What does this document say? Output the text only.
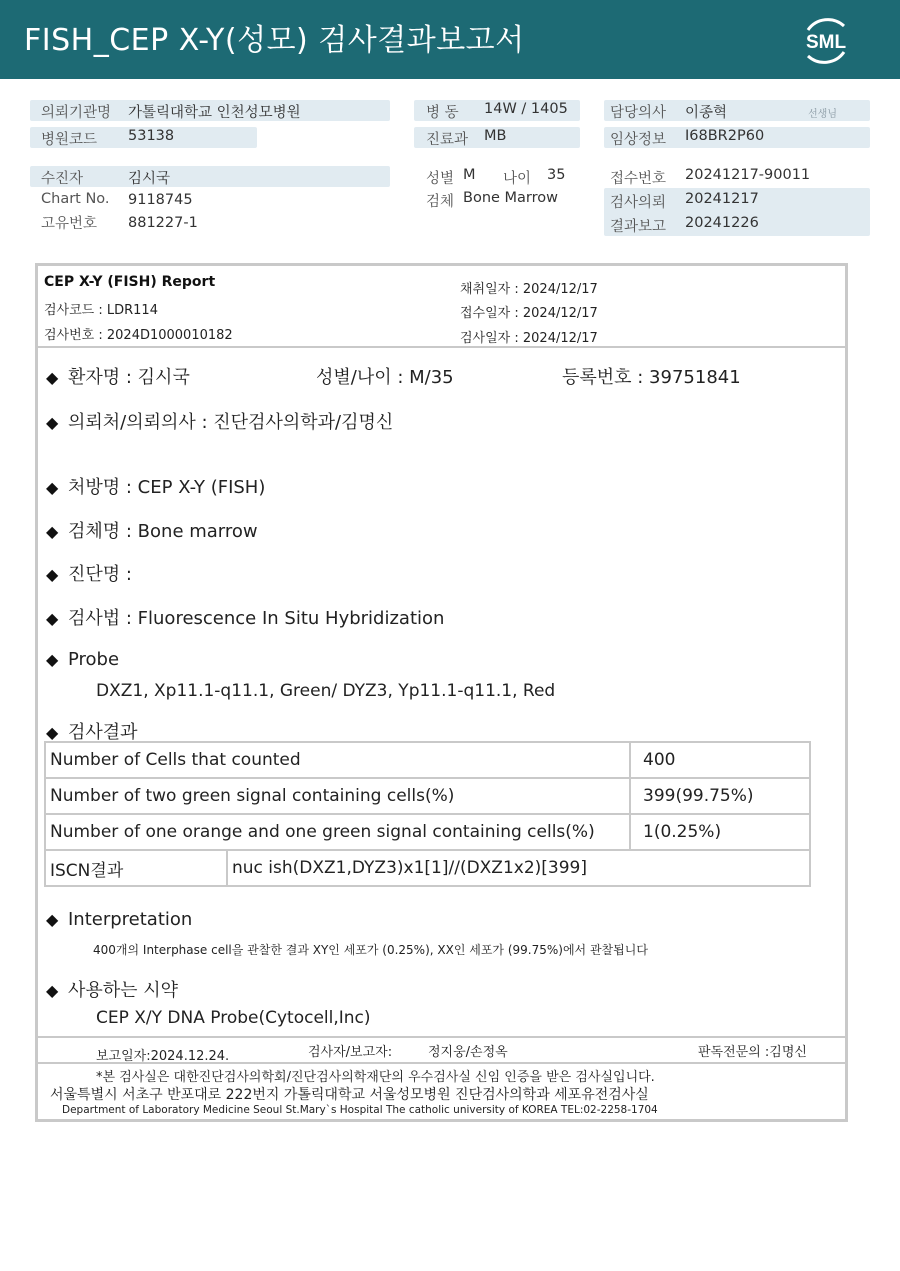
FISH_CEP X-Y(성모) 검사결과보고서	SML
의뢰기관명 가톨릭대학교 인천성모병원	병 동 14W / 1405	담당의사 이종혁	선생님
병원코드 53138	진료과 MB	임상정보 I68BR2P60
수진자	김시국	성별 M 나이 35	접수번호 20241217-90011
Chart No. 9118745	검체 Bone Marrow	검사의뢰 20241217
고유번호 881227-1	결과보고 20241226
CEP X-Y (FISH) Report
검사코드 : LDR114
검사번호 : 2024D1000010182
채취일자 : 2024/12/17
접수일자 : 2024/12/17
검사일자 : 2024/12/17
◆ 환자명 : 김시국	성별/나이 : M/35	등록번호 : 39751841
◆ 의뢰처/의뢰의사 : 진단검사의학과/김명신
◆ 처방명 : CEP X-Y (FISH)
◆ 검체명 : Bone marrow
◆ 진단명 :
◆ 검사법 : Fluorescence In Situ Hybridization
◆ Probe
DXZ1, Xp11.1-q11.1, Green/ DYZ3, Yp11.1-q11.1, Red
◆ 검사결과
Number of Cells that counted		400
Number of two green signal containing cells(%)		399(99.75%)
Number of one orange and one green signal containing cells(%)		1(0.25%)
ISCN결과	nuc ish(DXZ1,DYZ3)x1[1]//(DXZ1x2)[399]	
◆ Interpretation
400개의 Interphase cell을 관찰한 결과 XY인 세포가 (0.25%), XX인 세포가 (99.75%)에서 관찰됩니다
◆ 사용하는 시약
CEP X/Y DNA Probe(Cytocell,Inc)
보고일자:2024.12.24.	검사자/보고자:	정지웅/손정옥	판독전문의 :김명신
*본 검사실은 대한진단검사의학회/진단검사의학재단의 우수검사실 신임 인증을 받은 검사실입니다.
서울특별시 서초구 반포대로 222번지 가톨릭대학교 서울성모병원 진단검사의학과 세포유전검사실
Department of Laboratory Medicine Seoul St.Mary`s Hospital The catholic university of KOREA TEL:02-2258-1704
